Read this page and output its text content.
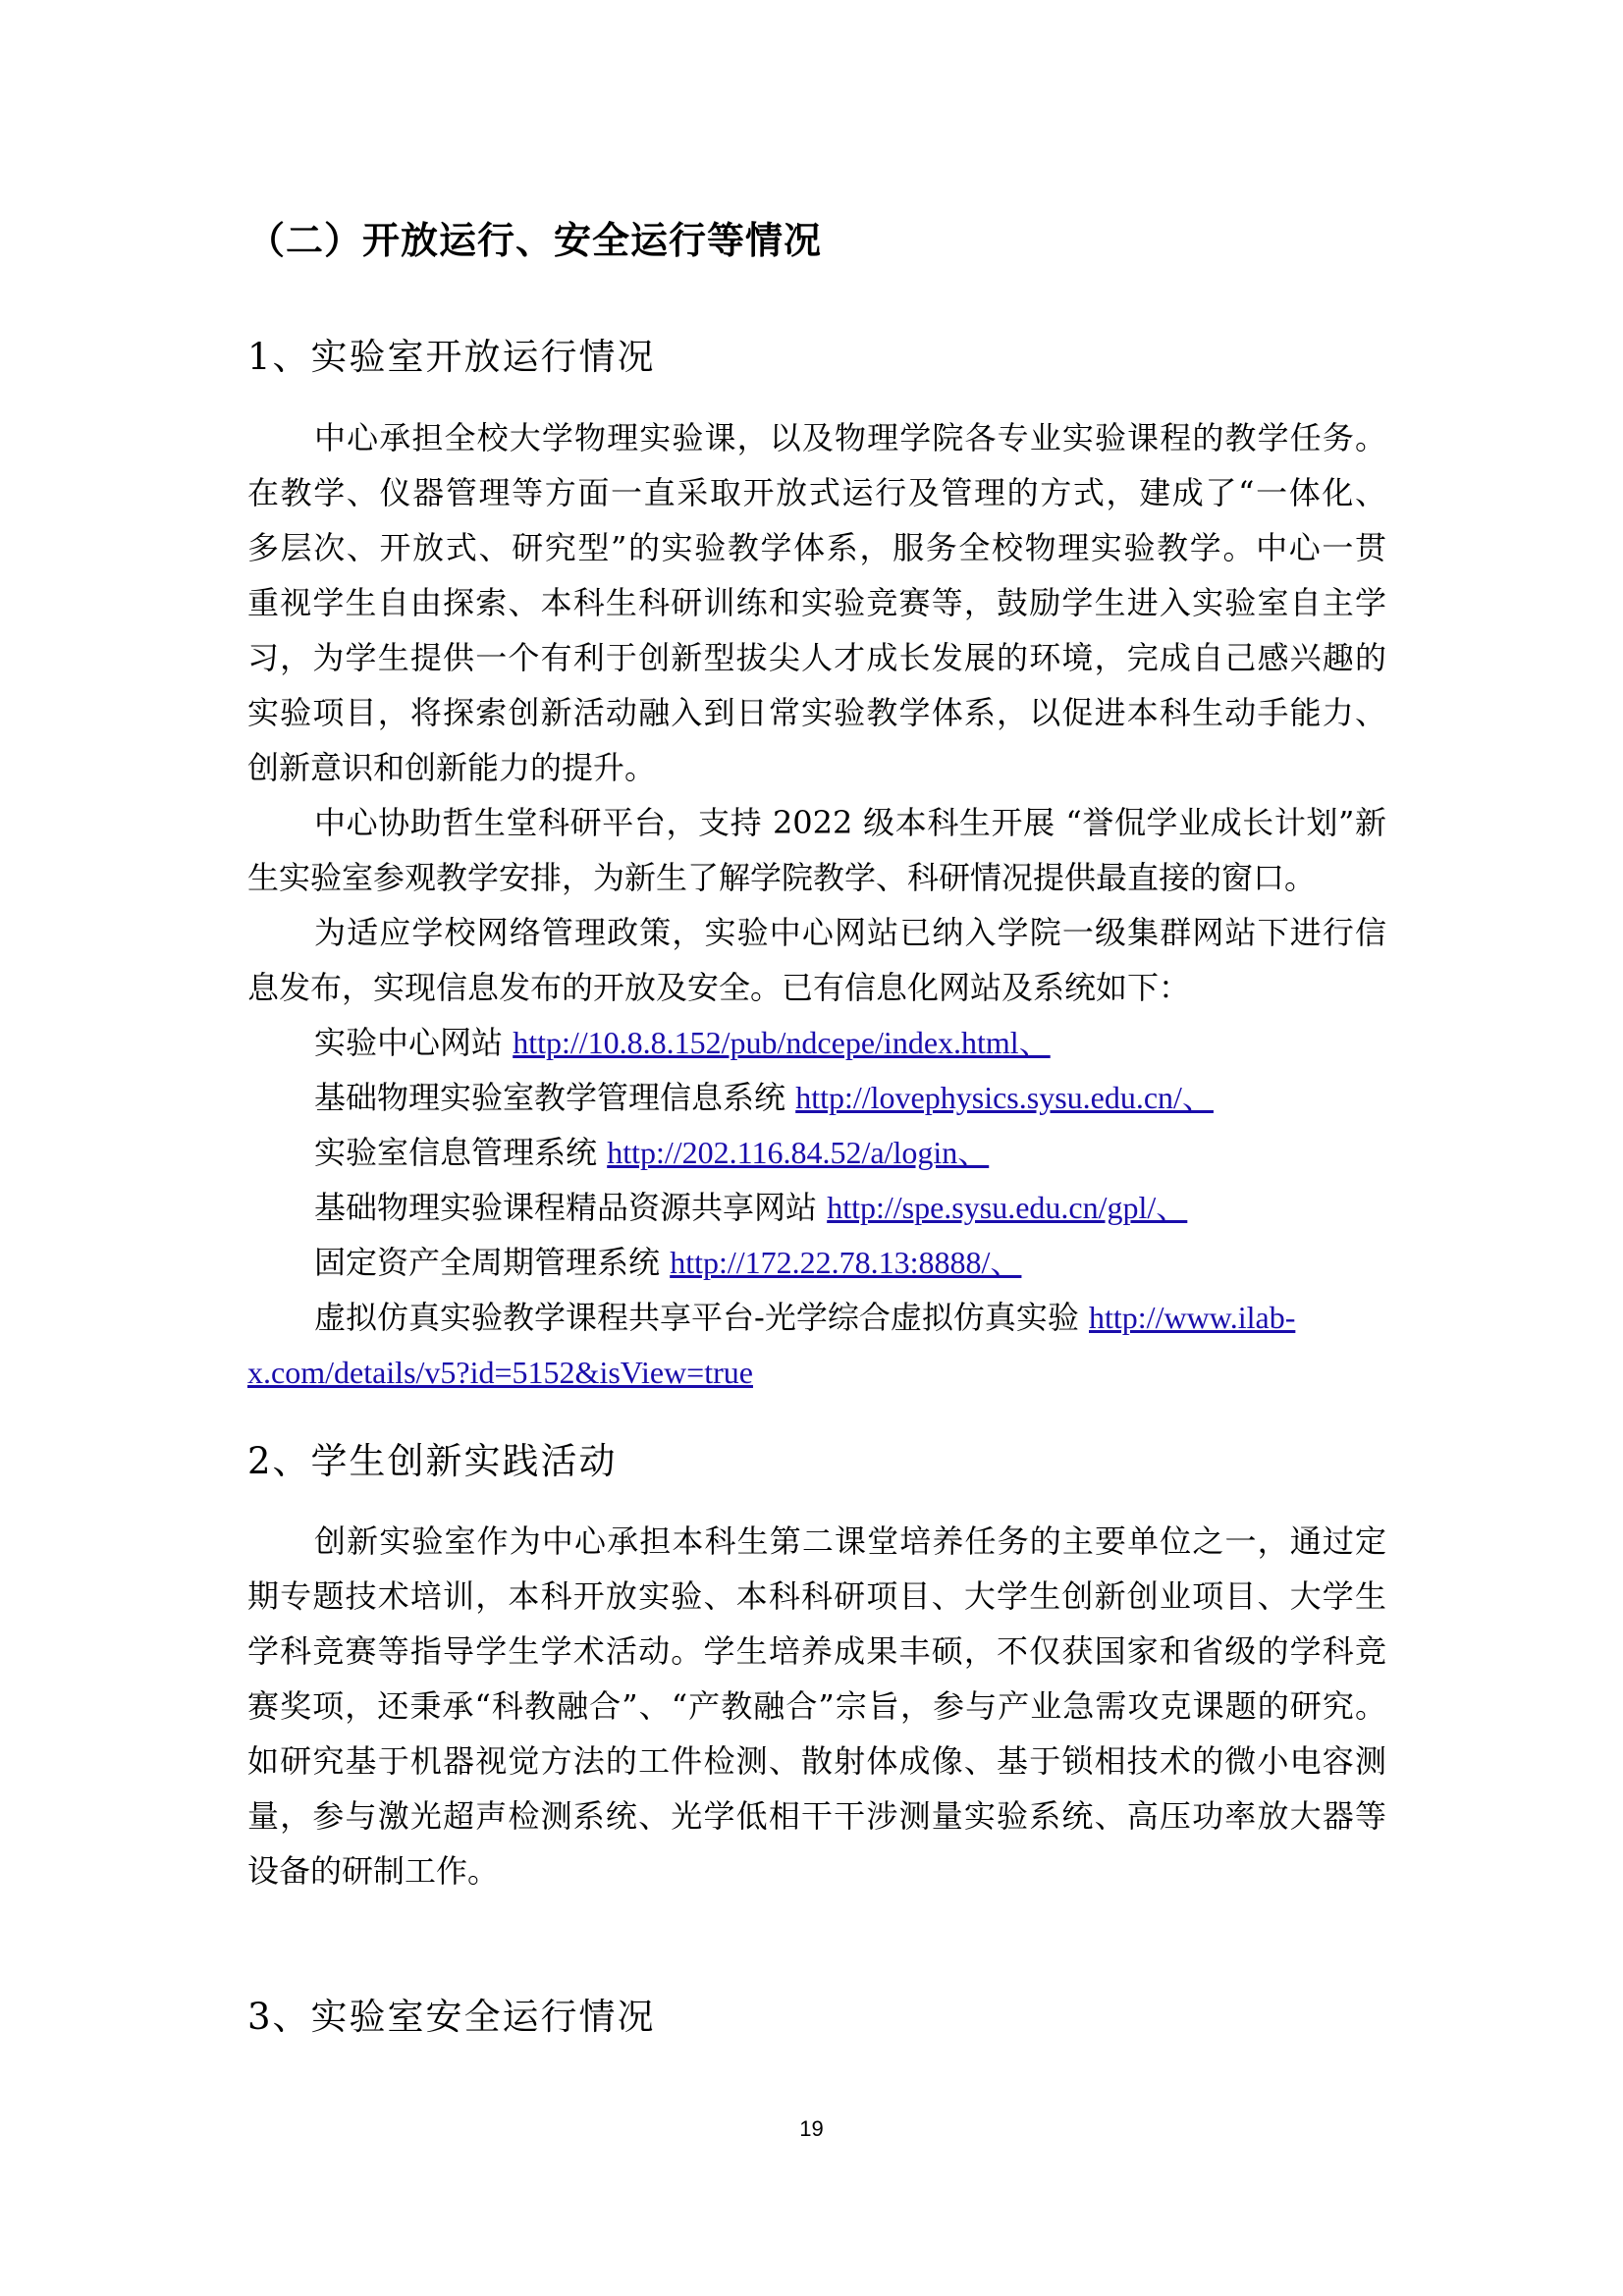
（二）开放运行、安全运行等情况
1、实验室开放运行情况
中心承担全校大学物理实验课，以及物理学院各专业实验课程的教学任务。
在教学、仪器管理等方面一直采取开放式运行及管理的方式，建成了“一体化、
多层次、开放式、研究型”的实验教学体系，服务全校物理实验教学。中心一贯
重视学生自由探索、本科生科研训练和实验竞赛等，鼓励学生进入实验室自主学
习，为学生提供一个有利于创新型拔尖人才成长发展的环境，完成自己感兴趣的
实验项目，将探索创新活动融入到日常实验教学体系，以促进本科生动手能力、
创新意识和创新能力的提升。
中心协助哲生堂科研平台，支持 2022 级本科生开展 “誉侃学业成长计划”新
生实验室参观教学安排，为新生了解学院教学、科研情况提供最直接的窗口。
为适应学校网络管理政策，实验中心网站已纳入学院一级集群网站下进行信
息发布，实现信息发布的开放及安全。已有信息化网站及系统如下：
实验中心网站 http://10.8.8.152/pub/ndcepe/index.html、
基础物理实验室教学管理信息系统 http://lovephysics.sysu.edu.cn/、
实验室信息管理系统 http://202.116.84.52/a/login、
基础物理实验课程精品资源共享网站 http://spe.sysu.edu.cn/gpl/、
固定资产全周期管理系统 http://172.22.78.13:8888/、
虚拟仿真实验教学课程共享平台-光学综合虚拟仿真实验 http://www.ilab-
x.com/details/v5?id=5152&isView=true
2、学生创新实践活动
创新实验室作为中心承担本科生第二课堂培养任务的主要单位之一，通过定
期专题技术培训，本科开放实验、本科科研项目、大学生创新创业项目、大学生
学科竞赛等指导学生学术活动。学生培养成果丰硕，不仅获国家和省级的学科竞
赛奖项，还秉承“科教融合”、“产教融合”宗旨，参与产业急需攻克课题的研究。
如研究基于机器视觉方法的工件检测、散射体成像、基于锁相技术的微小电容测
量，参与激光超声检测系统、光学低相干干涉测量实验系统、高压功率放大器等
设备的研制工作。
3、实验室安全运行情况
19
